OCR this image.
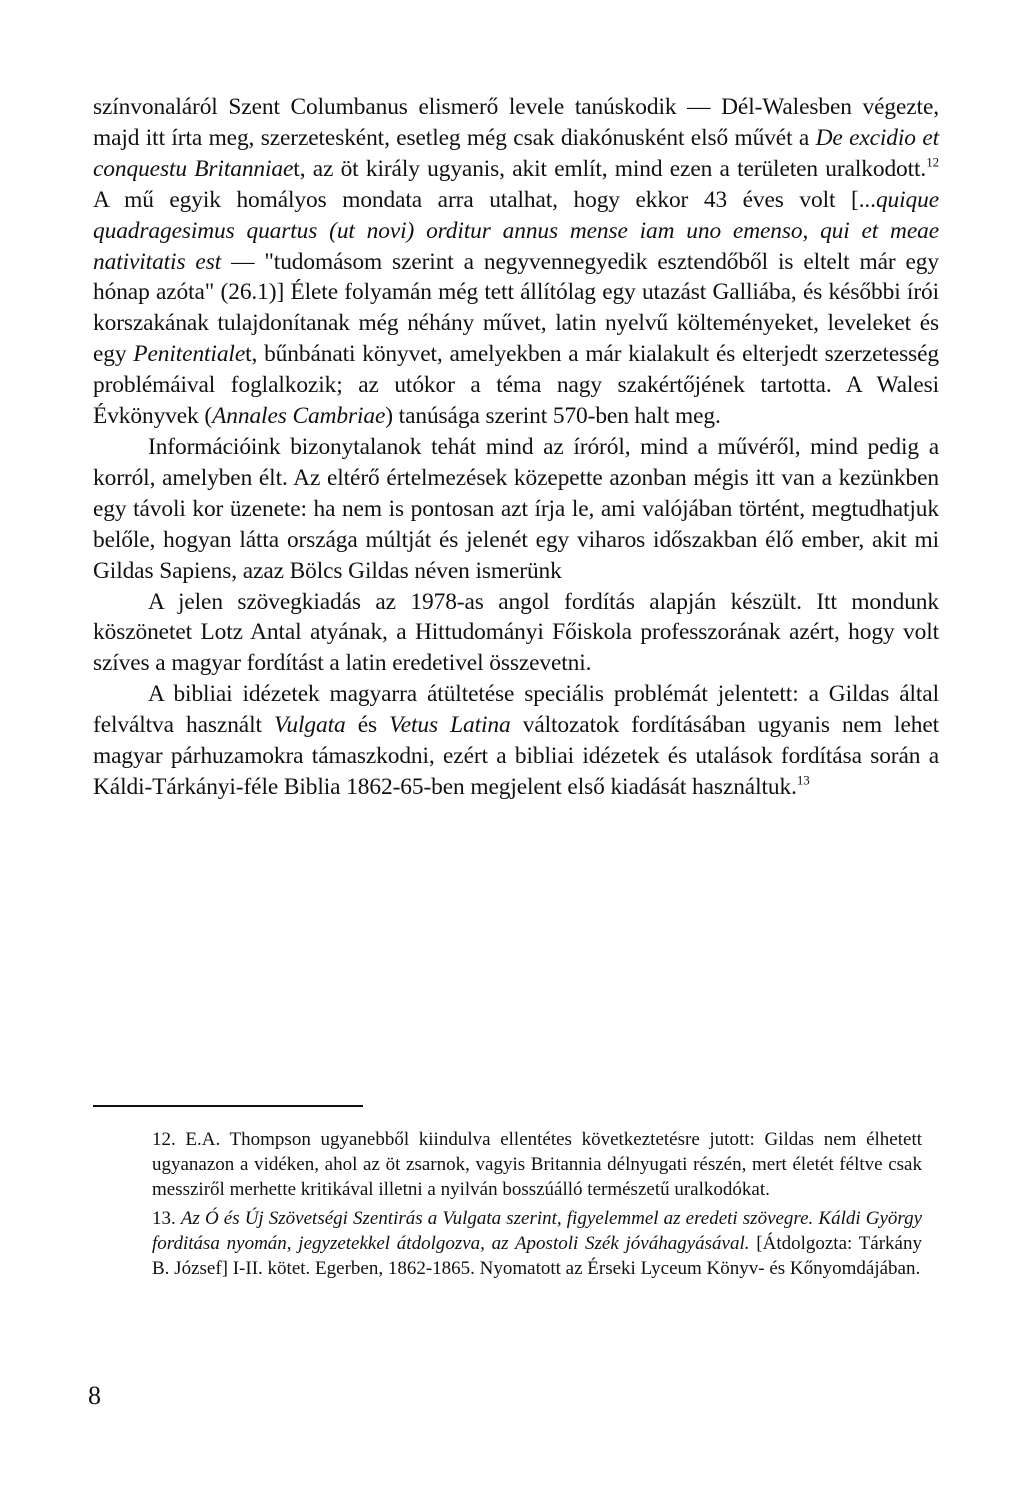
színvonaláról Szent Columbanus elismerő levele tanúskodik — Dél-Walesben végezte, majd itt írta meg, szerzetesként, esetleg még csak diakónusként első művét a De excidio et conquestu Britanniaet, az öt király ugyanis, akit említ, mind ezen a területen uralkodott.$^{12}$ A mű egyik homályos mondata arra utalhat, hogy ekkor 43 éves volt [...quique quadragesimus quartus (ut novi) orditur annus mense iam uno emenso, qui et meae nativitatis est — "tudomásom szerint a negyvennegyedik esztendőből is eltelt már egy hónap azóta" (26.1)] Élete folyamán még tett állítólag egy utazást Galliába, és későbbi írói korszakának tulajdonítanak még néhány művet, latin nyelvű költeményeket, leveleket és egy Penitentialet, bűnbánati könyvet, amelyekben a már kialakult és elterjedt szerzetesség problémáival foglalkozik; az utókor a téma nagy szakértőjének tartotta. A Walesi Évkönyvek (Annales Cambriae) tanúsága szerint 570-ben halt meg.

Információink bizonytalanok tehát mind az íróról, mind a művéről, mind pedig a korról, amelyben élt. Az eltérő értelmezések közepette azonban mégis itt van a kezünkben egy távoli kor üzenete: ha nem is pontosan azt írja le, ami valójában történt, megtudhatjuk belőle, hogyan látta országa múltját és jelenét egy viharos időszakban élő ember, akit mi Gildas Sapiens, azaz Bölcs Gildas néven ismerünk

A jelen szövegkiadás az 1978-as angol fordítás alapján készült. Itt mondunk köszönetet Lotz Antal atyának, a Hittudományi Főiskola professzorának azért, hogy volt szíves a magyar fordítást a latin eredetivel összevetni.

A bibliai idézetek magyarra átültetése speciális problémát jelentett: a Gildas által felváltva használt Vulgata és Vetus Latina változatok fordításában ugyanis nem lehet magyar párhuzamokra támaszkodni, ezért a bibliai idézetek és utalások fordítása során a Káldi-Tárkányi-féle Biblia 1862-65-ben megjelent első kiadását használtuk.$^{13}$

12. E.A. Thompson ugyanebből kiindulva ellentétes következtetésre jutott: Gildas nem élhetett ugyanazon a vidéken, ahol az öt zsarnok, vagyis Britannia délnyugati részén, mert életét féltve csak messziről merhette kritikával illetni a nyilván bosszúálló természetű uralkodókat.

13. Az Ó és Új Szövetségi Szentirás a Vulgata szerint, figyelemmel az eredeti szövegre. Káldi György forditása nyomán, jegyzetekkel átdolgozva, az Apostoli Szék jóváhagyásával. [Átdolgozta: Tárkány B. József] I-II. kötet. Egerben, 1862-1865. Nyomatott az Érseki Lyceum Könyv- és Kőnyomdájában.

8
